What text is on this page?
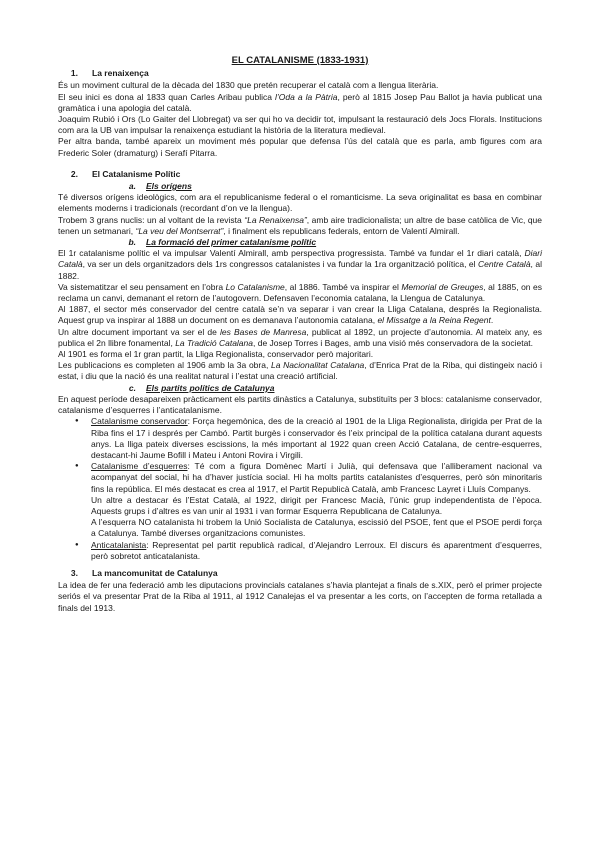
EL CATALANISME (1833-1931)
1. La renaixença

És un moviment cultural de la dècada del 1830 que pretén recuperar el català com a llengua literària.

El seu inici es dona al 1833 quan Carles Aribau publica l’Oda a la Pàtria, però al 1815 Josep Pau Ballot ja havia publicat una gramàtica i una apologia del català.

Joaquim Rubió i Ors (Lo Gaiter del Llobregat) va ser qui ho va decidir tot, impulsant la restauració dels Jocs Florals. Institucions com ara la UB van impulsar la renaixença estudiant la història de la literatura medieval.

Per altra banda, també apareix un moviment més popular que defensa l’ús del català que es parla, amb figures com ara Frederic Soler (dramaturg) i Serafí Pitarra.

2. El Catalanisme Polític
a. Els orígens

Té diversos orígens ideològics, com ara el republicanisme federal o el romanticisme. La seva originalitat es basa en combinar elements moderns i tradicionals (recordant d’on ve la llengua).

Trobem 3 grans nuclis: un al voltant de la revista “La Renaixensa”, amb aire tradicionalista; un altre de base catòlica de Vic, que tenen un setmanari, “La veu del Montserrat”, i finalment els republicans federals, entorn de Valentí Almirall.

b. La formació del primer catalanisme polític

El 1r catalanisme polític el va impulsar Valentí Almirall, amb perspectiva progressista. També va fundar el 1r diari català, Diari Català, va ser un dels organitzadors dels 1rs congressos catalanistes i va fundar la 1ra organització política, el Centre Català, al 1882.

Va sistematitzar el seu pensament en l’obra Lo Catalanisme, al 1886. També va inspirar el Memorial de Greuges, al 1885, on es reclama un canvi, demanant el retorn de l’autogovern. Defensaven l’economia catalana, la Llengua de Catalunya.

Al 1887, el sector més conservador del centre català se’n va separar i van crear la Lliga Catalana, després la Regionalista. Aquest grup va inspirar al 1888 un document on es demanava l’autonomia catalana, el Missatge a la Reina Regent.

Un altre document important va ser el de les Bases de Manresa, publicat al 1892, un projecte d’autonomia. Al mateix any, es publica el 2n llibre fonamental, La Tradició Catalana, de Josep Torres i Bages, amb una visió més conservadora de la societat.

Al 1901 es forma el 1r gran partit, la Lliga Regionalista, conservador però majoritari.

Les publicacions es completen al 1906 amb la 3a obra, La Nacionalitat Catalana, d’Enrica Prat de la Riba, qui distingeix nació i estat, i diu que la nació és una realitat natural i l’estat una creació artificial.

c. Els partits polítics de Catalunya

En aquest període desapareixen pràcticament els partits dinàstics a Catalunya, substituïts per 3 blocs: catalanisme conservador, catalanisme d’esquerres i l’anticatalanisme.

● Catalanisme conservador: Força hegemònica, des de la creació al 1901 de la Lliga Regionalista, dirigida per Prat de la Riba fins el 17 i després per Cambó. Partit burgès i conservador és l’eix principal de la política catalana durant aquests anys. La lliga pateix diverses escissions, la més important al 1922 quan creen Acció Catalana, de centre-esquerres, destacant-hi Jaume Bofill i Mateu i Antoni Rovira i Virgili.
● Catalanisme d’esquerres: Té com a figura Domènec Martí i Julià, qui defensava que l’alliberament nacional va acompanyat del social, hi ha d’haver justícia social. Hi ha molts partits catalanistes d’esquerres, però són minoritaris fins la república. El més destacat es crea al 1917, el Partit Republicà Català, amb Francesc Layret i Lluís Companys.

Un altre a destacar és l’Estat Català, al 1922, dirigit per Francesc Macià, l’únic grup independentista de l’època. Aquests grups i d’altres es van unir al 1931 i van formar Esquerra Republicana de Catalunya.

A l’esquerra NO catalanista hi trobem la Unió Socialista de Catalunya, escissió del PSOE, fent que el PSOE perdi força a Catalunya. També diverses organitzacions comunistes.

● Anticatalanista: Representat pel partit republicà radical, d’Alejandro Lerroux. El discurs és aparentment d’esquerres, però sobretot anticatalanista.
3. La mancomunitat de Catalunya

La idea de fer una federació amb les diputacions provincials catalanes s’havia plantejat a finals de s.XIX, però el primer projecte seriós el va presentar Prat de la Riba al 1911, al 1912 Canalejas el va presentar a les corts, on l’accepten de forma retallada a finals del 1913.
